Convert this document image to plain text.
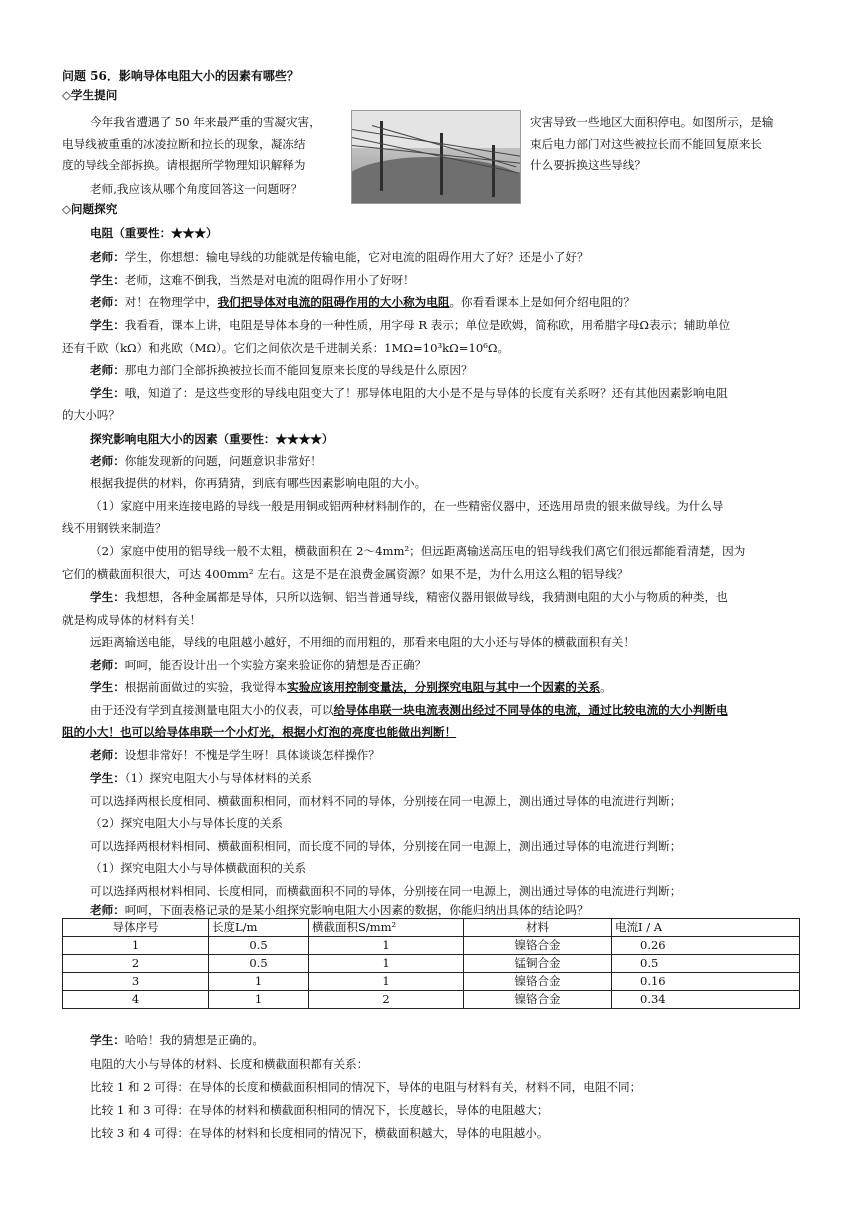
问题 56．影响导体电阻大小的因素有哪些？
◇学生提问
今年我省遭遇了 50 年来最严重的雪凝灾害，
电导线被重重的冰凌拉断和拉长的现象，凝冻结
度的导线全部拆换。请根据所学物理知识解释为
老师,我应该从哪个角度回答这一问题呀？
灾害导致一些地区大面积停电。如图所示，是输
束后电力部门对这些被拉长而不能回复原来长
什么要拆换这些导线？
◇问题探究
电阻（重要性：★★★）
老师：学生，你想想：输电导线的功能就是传输电能，它对电流的阻碍作用大了好？还是小了好？
学生：老师，这难不倒我，当然是对电流的阻碍作用小了好呀！
老师：对！在物理学中，我们把导体对电流的阻碍作用的大小称为电阻。你看看课本上是如何介绍电阻的？
学生：我看看，课本上讲，电阻是导体本身的一种性质，用字母 R 表示；单位是欧姆，简称欧，用希腊字母Ω表示；辅助单位
还有千欧（kΩ）和兆欧（MΩ）。它们之间依次是千进制关系：1MΩ=10³kΩ=10⁶Ω。
老师：那电力部门全部拆换被拉长而不能回复原来长度的导线是什么原因？
学生：哦，知道了：是这些变形的导线电阻变大了！那导体电阻的大小是不是与导体的长度有关系呀？还有其他因素影响电阻
的大小吗？
探究影响电阻大小的因素（重要性：★★★★）
老师：你能发现新的问题，问题意识非常好！
根据我提供的材料，你再猜猜，到底有哪些因素影响电阻的大小。
（1）家庭中用来连接电路的导线一般是用铜或铝两种材料制作的，在一些精密仪器中，还选用昂贵的银来做导线。为什么导
线不用钢铁来制造？
（2）家庭中使用的铝导线一般不太粗，横截面积在 2～4mm²；但远距离输送高压电的铝导线我们离它们很远都能看清楚，因为
它们的横截面积很大，可达 400mm² 左右。这是不是在浪费金属资源？如果不是，为什么用这么粗的铝导线？
学生：我想想，各种金属都是导体，只所以选铜、铝当普通导线，精密仪器用银做导线，我猜测电阻的大小与物质的种类，也
就是构成导体的材料有关！
远距离输送电能，导线的电阻越小越好，不用细的而用粗的，那看来电阻的大小还与导体的横截面积有关！
老师：呵呵，能否设计出一个实验方案来验证你的猜想是否正确？
学生：根据前面做过的实验，我觉得本实验应该用控制变量法，分别探究电阻与其中一个因素的关系。
由于还没有学到直接测量电阻大小的仪表，可以给导体串联一块电流表测出经过不同导体的电流，通过比较电流的大小判断电
阻的小大！也可以给导体串联一个小灯光，根据小灯泡的亮度也能做出判断！
老师：设想非常好！不愧是学生呀！具体谈谈怎样操作？
学生：（1）探究电阻大小与导体材料的关系
可以选择两根长度相同、横截面积相同，而材料不同的导体，分别接在同一电源上，测出通过导体的电流进行判断；
（2）探究电阻大小与导体长度的关系
可以选择两根材料相同、横截面积相同，而长度不同的导体，分别接在同一电源上，测出通过导体的电流进行判断；
（1）探究电阻大小与导体横截面积的关系
可以选择两根材料相同、长度相同，而横截面积不同的导体，分别接在同一电源上，测出通过导体的电流进行判断；
老师：呵呵，下面表格记录的是某小组探究影响电阻大小因素的数据，你能归纳出具体的结论吗？
导体序号	长度L/m	横截面积S/mm²	材料	电流I / A
1	0.5	1	镍铬合金	0.26
2	0.5	1	锰铜合金	0.5
3	1	1	镍铬合金	0.16
4	1	2	镍铬合金	0.34
学生：哈哈！我的猜想是正确的。
电阻的大小与导体的材料、长度和横截面积都有关系：
比较 1 和 2 可得：在导体的长度和横截面积相同的情况下，导体的电阻与材料有关，材料不同，电阻不同；
比较 1 和 3 可得：在导体的材料和横截面积相同的情况下，长度越长，导体的电阻越大；
比较 3 和 4 可得：在导体的材料和长度相同的情况下，横截面积越大，导体的电阻越小。
